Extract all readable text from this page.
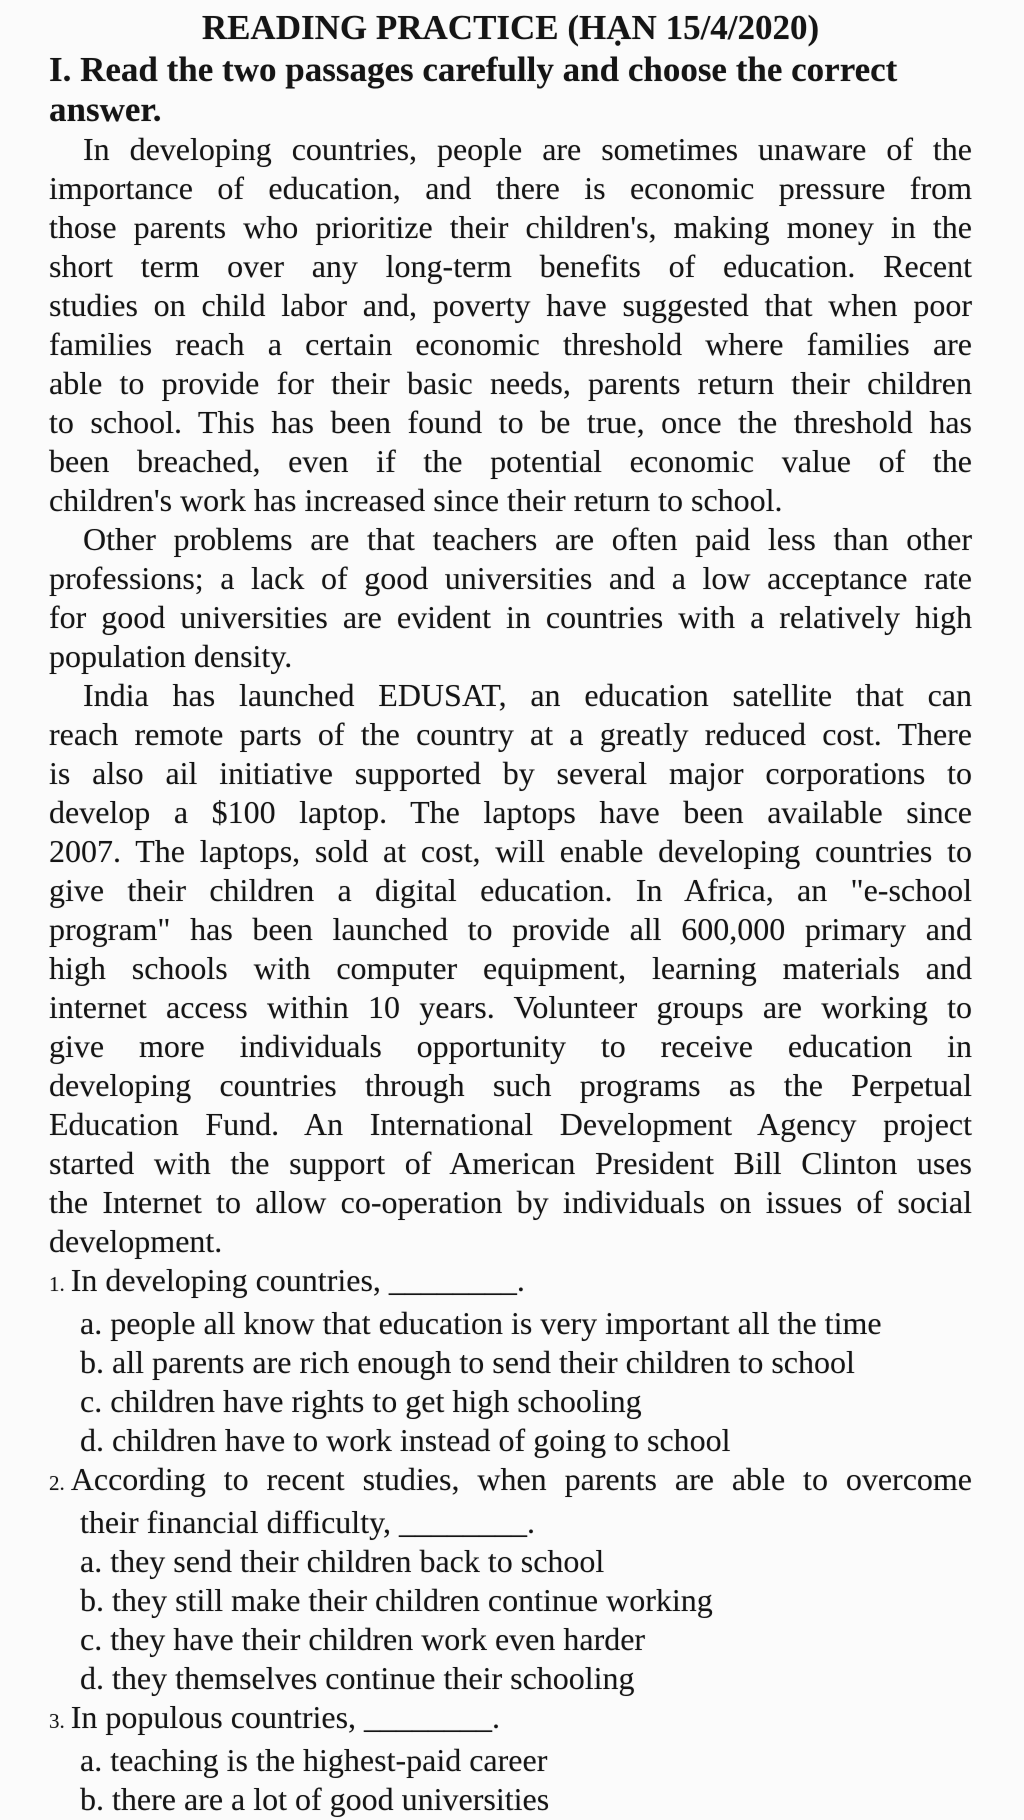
READING PRACTICE (HẠN 15/4/2020)
I. Read the two passages carefully and choose the correct
answer.
In developing countries, people are sometimes unaware of the
importance of education, and there is economic pressure from
those parents who prioritize their children's, making money in the
short term over any long-term benefits of education. Recent
studies on child labor and, poverty have suggested that when poor
families reach a certain economic threshold where families are
able to provide for their basic needs, parents return their children
to school. This has been found to be true, once the threshold has
been breached, even if the potential economic value of the
children's work has increased since their return to school.
Other problems are that teachers are often paid less than other
professions; a lack of good universities and a low acceptance rate
for good universities are evident in countries with a relatively high
population density.
India has launched EDUSAT, an education satellite that can
reach remote parts of the country at a greatly reduced cost. There
is also ail initiative supported by several major corporations to
develop a $100 laptop. The laptops have been available since
2007. The laptops, sold at cost, will enable developing countries to
give their children a digital education. In Africa, an "e-school
program" has been launched to provide all 600,000 primary and
high schools with computer equipment, learning materials and
internet access within 10 years. Volunteer groups are working to
give more individuals opportunity to receive education in
developing countries through such programs as the Perpetual
Education Fund. An International Development Agency project
started with the support of American President Bill Clinton uses
the Internet to allow co-operation by individuals on issues of social
development.
1. In developing countries, ________.
a. people all know that education is very important all the time
b. all parents are rich enough to send their children to school
c. children have rights to get high schooling
d. children have to work instead of going to school
2. According to recent studies, when parents are able to overcome
their financial difficulty, ________.
a. they send their children back to school
b. they still make their children continue working
c. they have their children work even harder
d. they themselves continue their schooling
3. In populous countries, ________.
a. teaching is the highest-paid career
b. there are a lot of good universities
